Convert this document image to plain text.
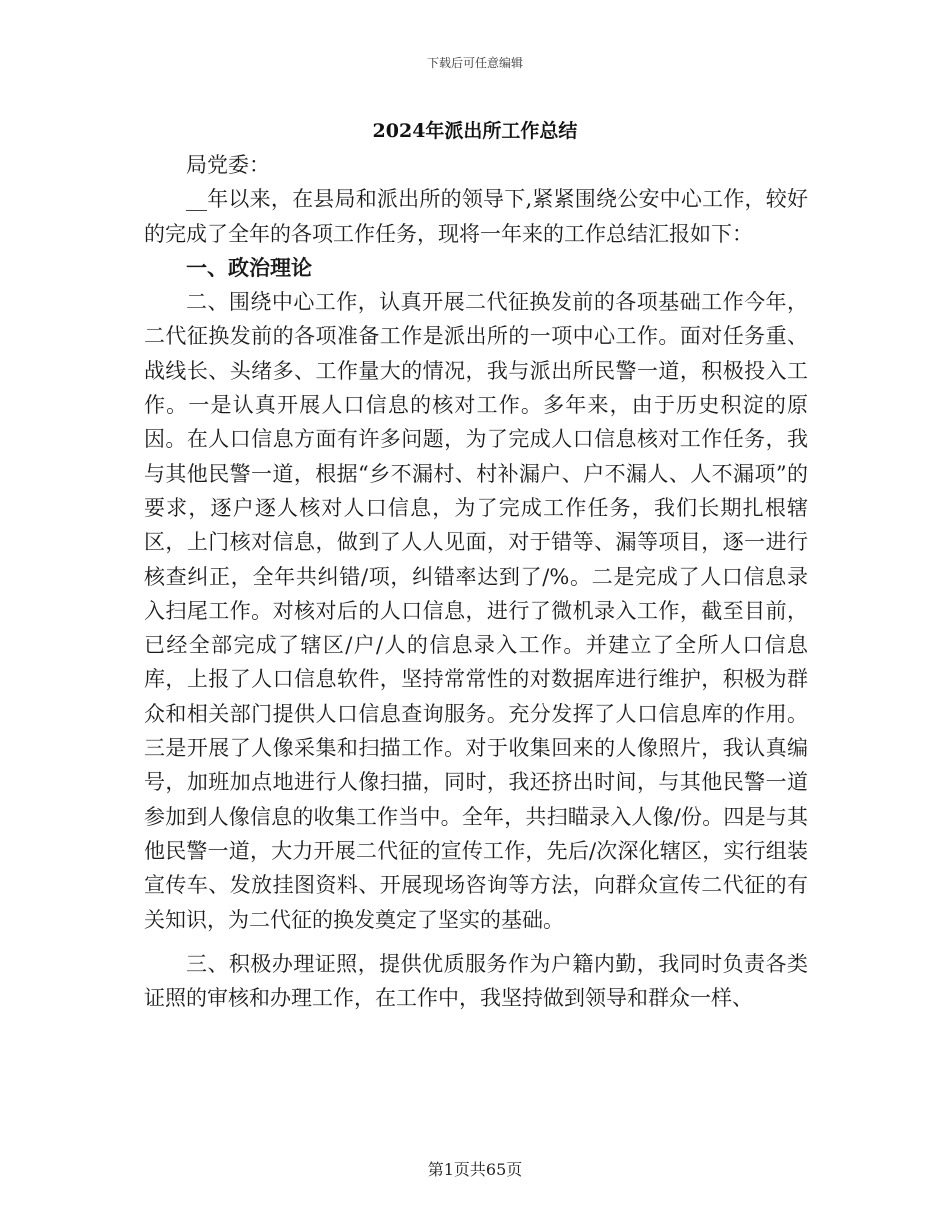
下载后可任意编辑
2024年派出所工作总结

局党委：

__年以来，在县局和派出所的领导下,紧紧围绕公安中心工作，较好的完成了全年的各项工作任务，现将一年来的工作总结汇报如下：

一、政治理论

二、围绕中心工作，认真开展二代征换发前的各项基础工作今年，二代征换发前的各项准备工作是派出所的一项中心工作。面对任务重、战线长、头绪多、工作量大的情况，我与派出所民警一道，积极投入工作。一是认真开展人口信息的核对工作。多年来，由于历史积淀的原因。在人口信息方面有许多问题，为了完成人口信息核对工作任务，我与其他民警一道，根据“乡不漏村、村补漏户、户不漏人、人不漏项”的要求，逐户逐人核对人口信息，为了完成工作任务，我们长期扎根辖区，上门核对信息，做到了人人见面，对于错等、漏等项目，逐一进行核查纠正，全年共纠错/项，纠错率达到了/%。二是完成了人口信息录入扫尾工作。对核对后的人口信息，进行了微机录入工作，截至目前，已经全部完成了辖区/户/人的信息录入工作。并建立了全所人口信息库，上报了人口信息软件，坚持常常性的对数据库进行维护，积极为群众和相关部门提供人口信息查询服务。充分发挥了人口信息库的作用。三是开展了人像采集和扫描工作。对于收集回来的人像照片，我认真编号，加班加点地进行人像扫描，同时，我还挤出时间，与其他民警一道参加到人像信息的收集工作当中。全年，共扫瞄录入人像/份。四是与其他民警一道，大力开展二代征的宣传工作，先后/次深化辖区，实行组装宣传车、发放挂图资料、开展现场咨询等方法，向群众宣传二代征的有关知识，为二代征的换发奠定了坚实的基础。

三、积极办理证照，提供优质服务作为户籍内勤，我同时负责各类证照的审核和办理工作，在工作中，我坚持做到领导和群众一样、

第1页共65页
